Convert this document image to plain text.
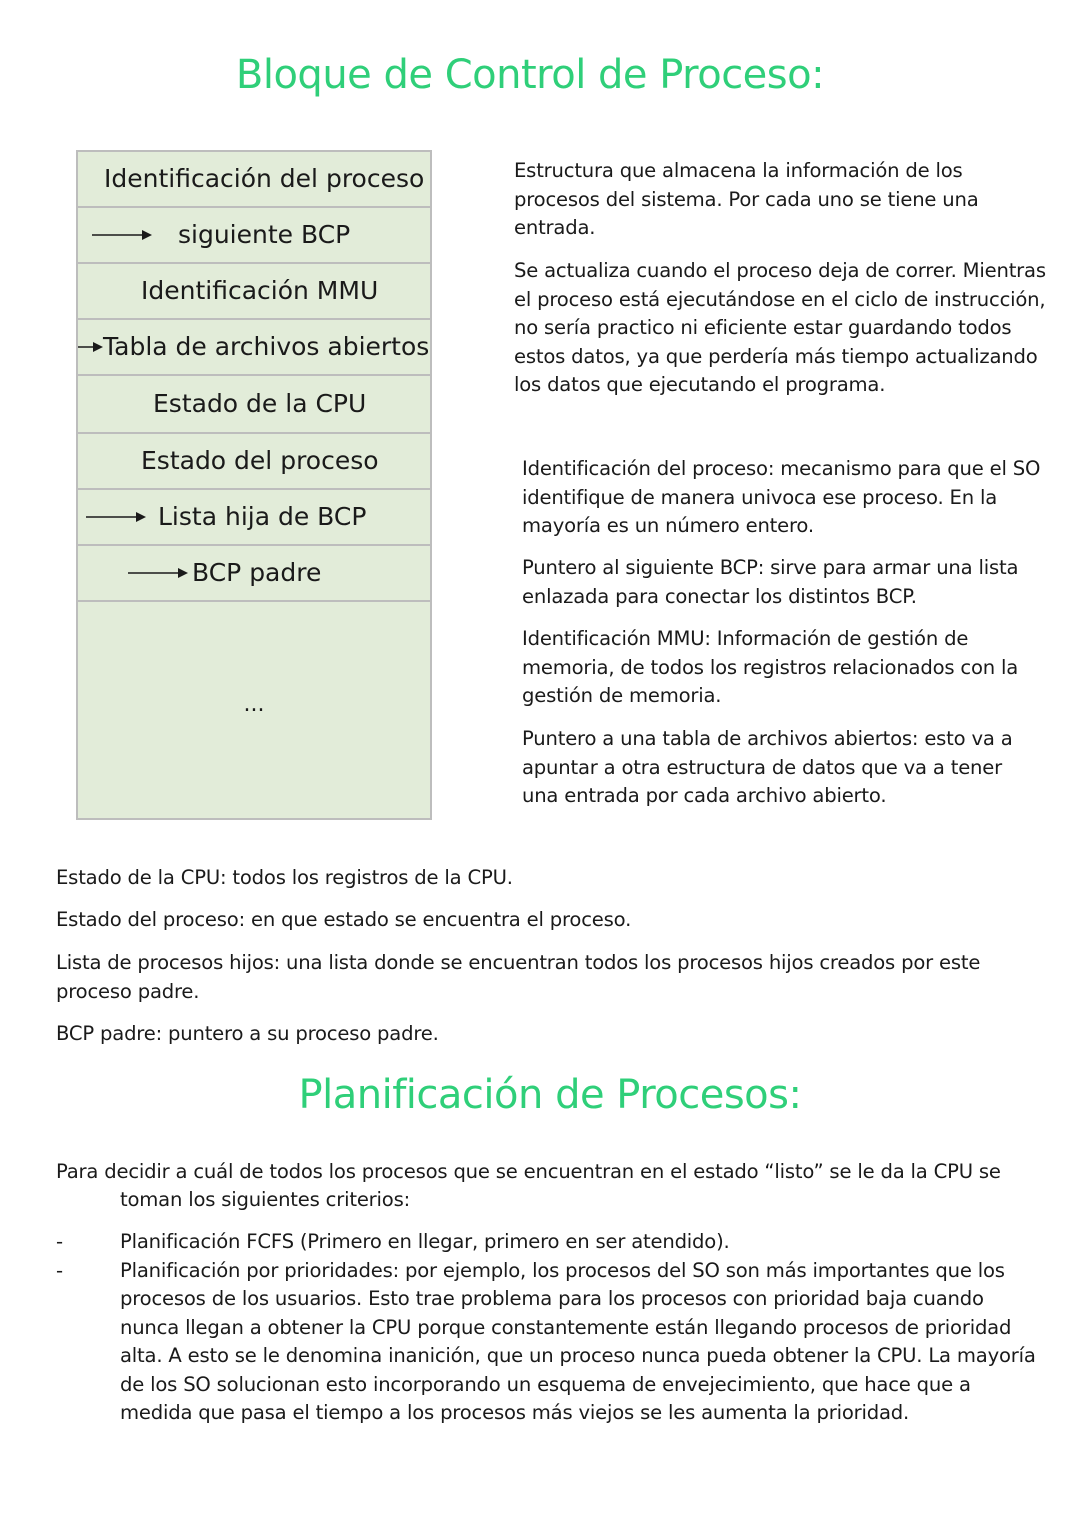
Bloque de Control de Proceso:
Identificación del proceso
siguiente BCP
Identificación MMU
Tabla de archivos abiertos
Estado de la CPU
Estado del proceso
Lista hija de BCP
BCP padre
...

Estructura que almacena la información de los procesos del sistema. Por cada uno se tiene una entrada.

Se actualiza cuando el proceso deja de correr. Mientras el proceso está ejecutándose en el ciclo de instrucción, no sería practico ni eficiente estar guardando todos estos datos, ya que perdería más tiempo actualizando los datos que ejecutando el programa.

Identificación del proceso: mecanismo para que el SO identifique de manera univoca ese proceso. En la mayoría es un número entero.

Puntero al siguiente BCP: sirve para armar una lista enlazada para conectar los distintos BCP.

Identificación MMU: Información de gestión de memoria, de todos los registros relacionados con la gestión de memoria.

Puntero a una tabla de archivos abiertos: esto va a apuntar a otra estructura de datos que va a tener una entrada por cada archivo abierto.

Estado de la CPU: todos los registros de la CPU.

Estado del proceso: en que estado se encuentra el proceso.

Lista de procesos hijos: una lista donde se encuentran todos los procesos hijos creados por este proceso padre.

BCP padre: puntero a su proceso padre.

Planificación de Procesos:

Para decidir a cuál de todos los procesos que se encuentran en el estado “listo” se le da la CPU se

toman los siguientes criterios:

-	Planificación FCFS (Primero en llegar, primero en ser atendido).
-	Planificación por prioridades: por ejemplo, los procesos del SO son más importantes que los procesos de los usuarios. Esto trae problema para los procesos con prioridad baja cuando nunca llegan a obtener la CPU porque constantemente están llegando procesos de prioridad alta. A esto se le denomina inanición, que un proceso nunca pueda obtener la CPU. La mayoría de los SO solucionan esto incorporando un esquema de envejecimiento, que hace que a medida que pasa el tiempo a los procesos más viejos se les aumenta la prioridad.
